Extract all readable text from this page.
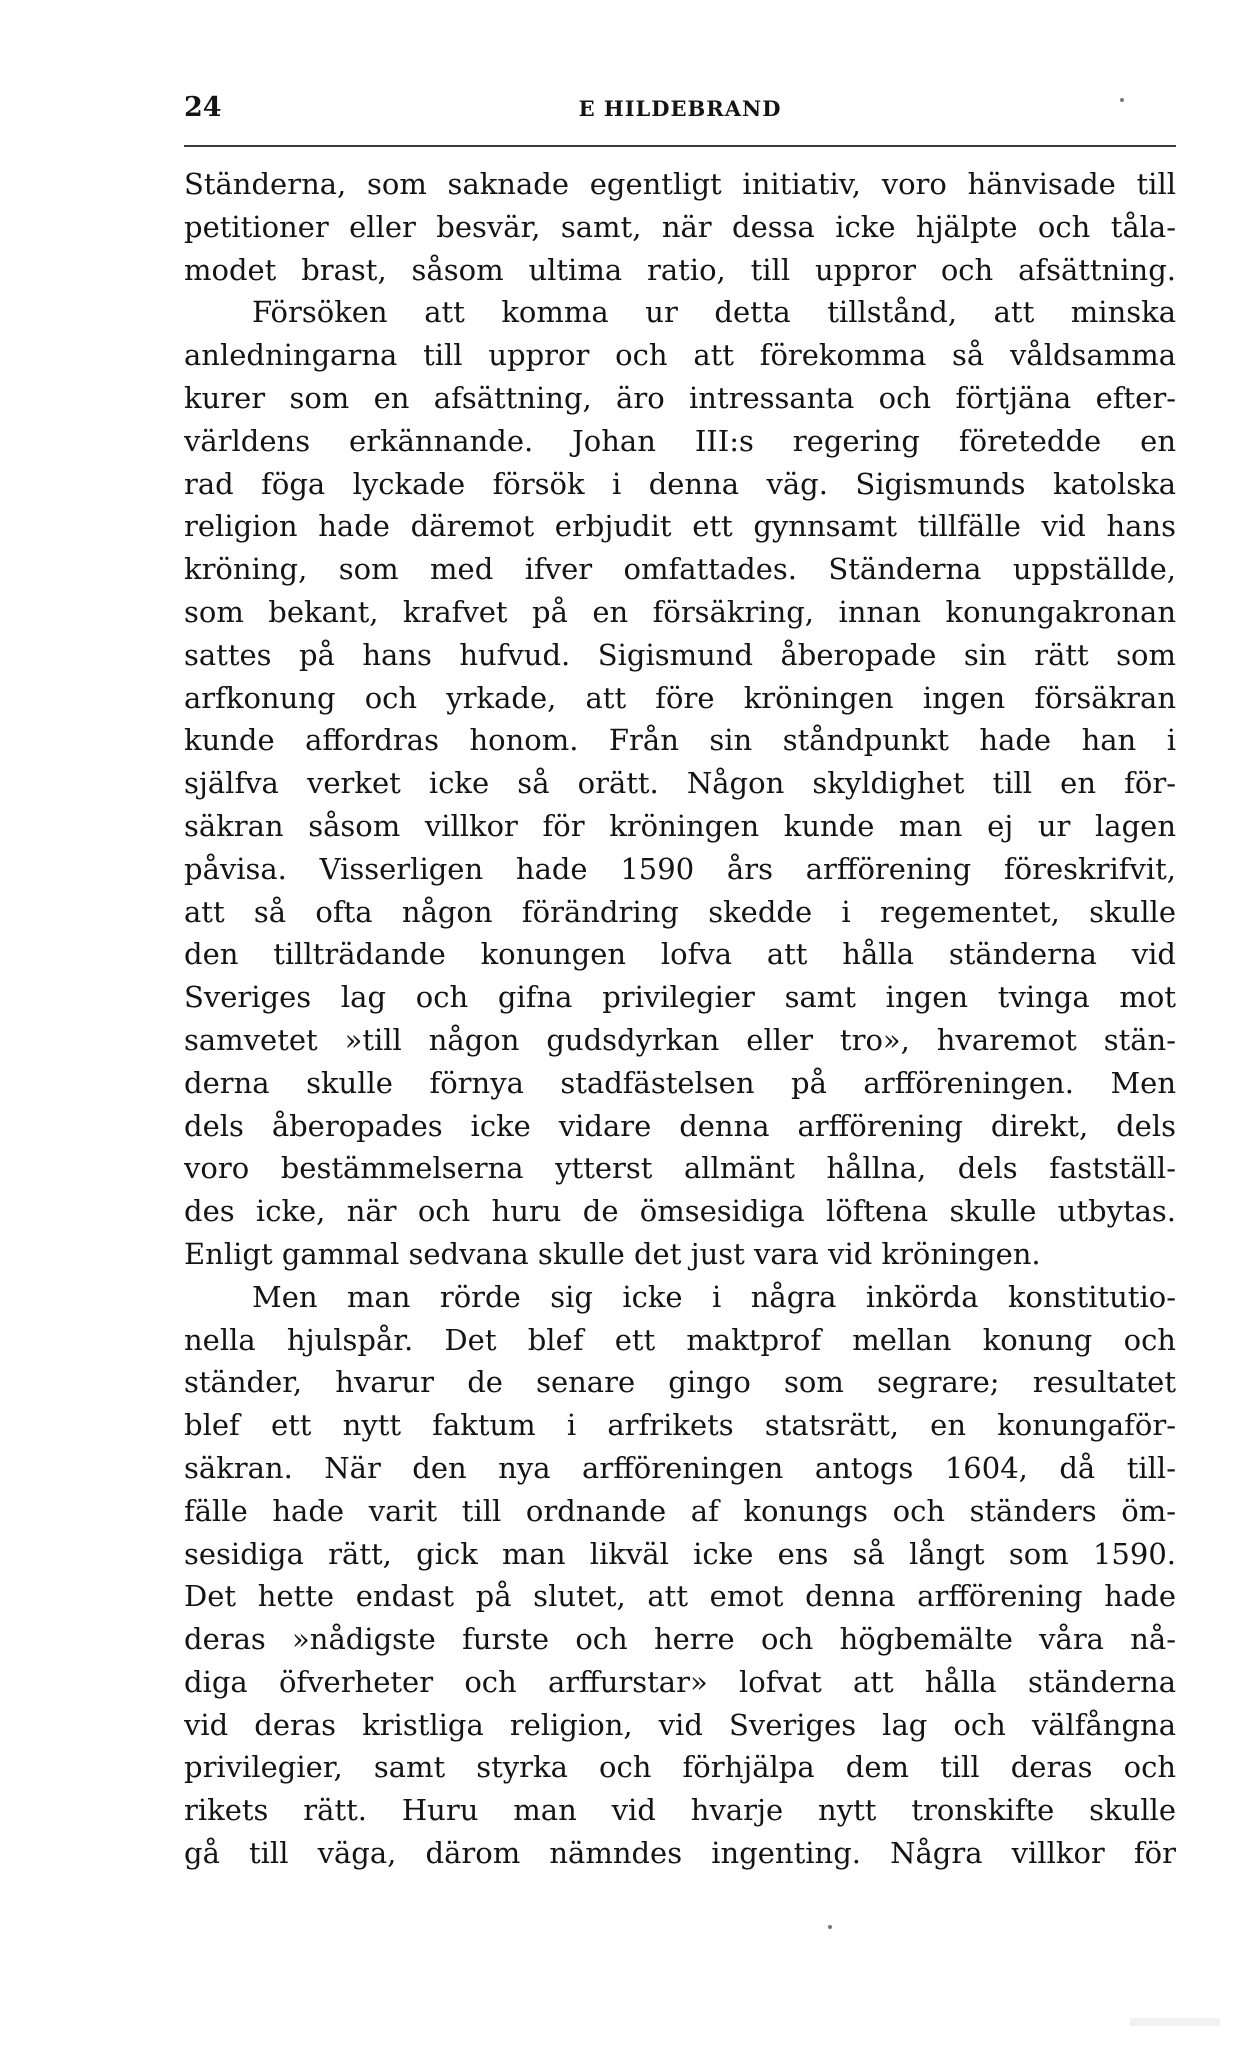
24	E HILDEBRAND
Ständerna, som saknade egentligt initiativ, voro hänvisade till
petitioner eller besvär, samt, när dessa icke hjälpte och tåla-
modet brast, såsom ultima ratio, till uppror och afsättning.
Försöken att komma ur detta tillstånd, att minska
anledningarna till uppror och att förekomma så våldsamma
kurer som en afsättning, äro intressanta och förtjäna efter-
världens erkännande. Johan III:s regering företedde en
rad föga lyckade försök i denna väg. Sigismunds katolska
religion hade däremot erbjudit ett gynnsamt tillfälle vid hans
kröning, som med ifver omfattades. Ständerna uppställde,
som bekant, krafvet på en försäkring, innan konungakronan
sattes på hans hufvud. Sigismund åberopade sin rätt som
arfkonung och yrkade, att före kröningen ingen försäkran
kunde affordras honom. Från sin ståndpunkt hade han i
själfva verket icke så orätt. Någon skyldighet till en för-
säkran såsom villkor för kröningen kunde man ej ur lagen
påvisa. Visserligen hade 1590 års arfförening föreskrifvit,
att så ofta någon förändring skedde i regementet, skulle
den tillträdande konungen lofva att hålla ständerna vid
Sveriges lag och gifna privilegier samt ingen tvinga mot
samvetet »till någon gudsdyrkan eller tro», hvaremot stän-
derna skulle förnya stadfästelsen på arfföreningen. Men
dels åberopades icke vidare denna arfförening direkt, dels
voro bestämmelserna ytterst allmänt hållna, dels fastställ-
des icke, när och huru de ömsesidiga löftena skulle utbytas.
Enligt gammal sedvana skulle det just vara vid kröningen.
Men man rörde sig icke i några inkörda konstitutio-
nella hjulspår. Det blef ett maktprof mellan konung och
ständer, hvarur de senare gingo som segrare; resultatet
blef ett nytt faktum i arfrikets statsrätt, en konungaför-
säkran. När den nya arfföreningen antogs 1604, då till-
fälle hade varit till ordnande af konungs och ständers öm-
sesidiga rätt, gick man likväl icke ens så långt som 1590.
Det hette endast på slutet, att emot denna arfförening hade
deras »nådigste furste och herre och högbemälte våra nå-
diga öfverheter och arffurstar» lofvat att hålla ständerna
vid deras kristliga religion, vid Sveriges lag och välfångna
privilegier, samt styrka och förhjälpa dem till deras och
rikets rätt. Huru man vid hvarje nytt tronskifte skulle
gå till väga, därom nämndes ingenting. Några villkor för
